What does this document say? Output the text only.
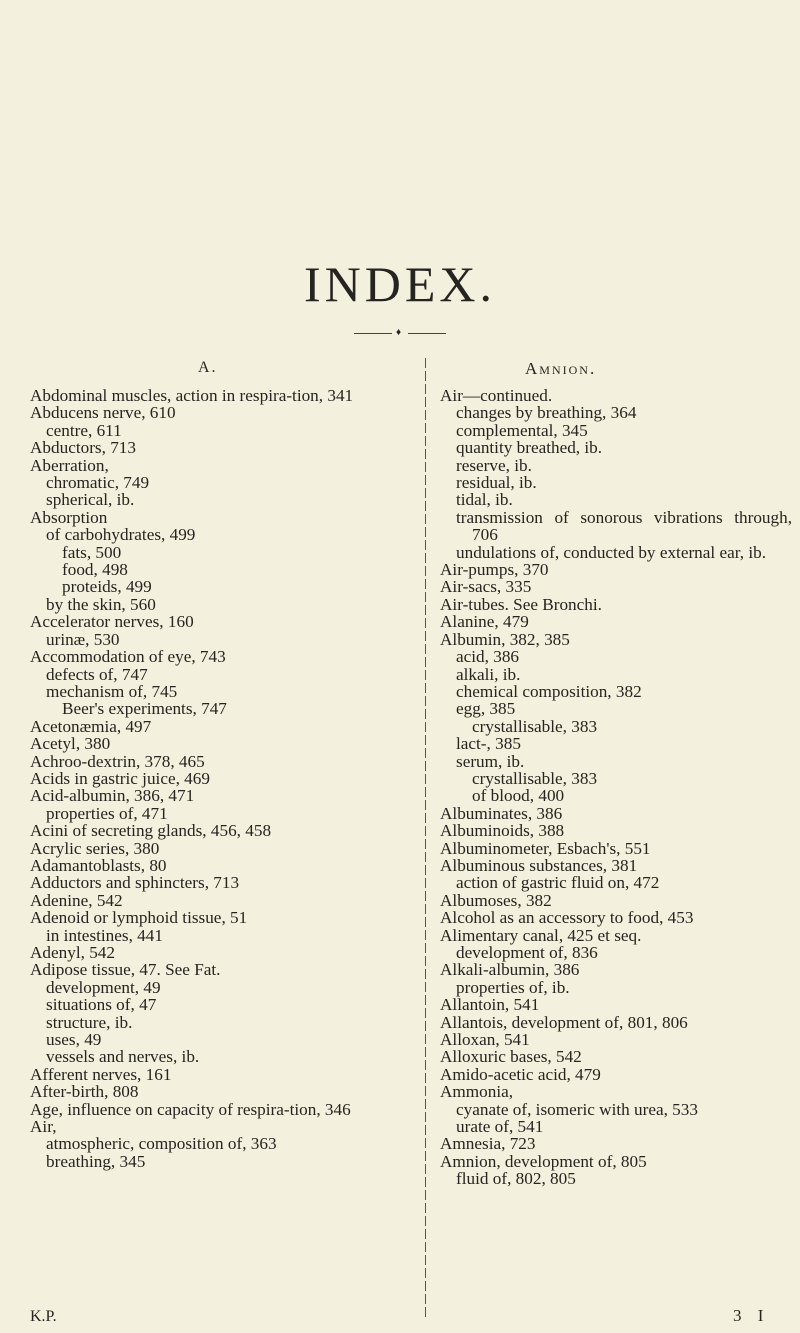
INDEX.
♦
A.	Amnion.
Abdominal muscles, action in respira-tion, 341
Abducens nerve, 610
centre, 611
Abductors, 713
Aberration,
chromatic, 749
spherical, ib.
Absorption
of carbohydrates, 499
fats, 500
food, 498
proteids, 499
by the skin, 560
Accelerator nerves, 160
urinæ, 530
Accommodation of eye, 743
defects of, 747
mechanism of, 745
Beer's experiments, 747
Acetonæmia, 497
Acetyl, 380
Achroo-dextrin, 378, 465
Acids in gastric juice, 469
Acid-albumin, 386, 471
properties of, 471
Acini of secreting glands, 456, 458
Acrylic series, 380
Adamantoblasts, 80
Adductors and sphincters, 713
Adenine, 542
Adenoid or lymphoid tissue, 51
in intestines, 441
Adenyl, 542
Adipose tissue, 47. See Fat.
development, 49
situations of, 47
structure, ib.
uses, 49
vessels and nerves, ib.
Afferent nerves, 161
After-birth, 808
Age, influence on capacity of respira-tion, 346
Air,
atmospheric, composition of, 363
breathing, 345
Air—continued.
changes by breathing, 364
complemental, 345
quantity breathed, ib.
reserve, ib.
residual, ib.
tidal, ib.
transmission of sonorous vibrations through, 706
undulations of, conducted by external ear, ib.
Air-pumps, 370
Air-sacs, 335
Air-tubes. See Bronchi.
Alanine, 479
Albumin, 382, 385
acid, 386
alkali, ib.
chemical composition, 382
egg, 385
crystallisable, 383
lact-, 385
serum, ib.
crystallisable, 383
of blood, 400
Albuminates, 386
Albuminoids, 388
Albuminometer, Esbach's, 551
Albuminous substances, 381
action of gastric fluid on, 472
Albumoses, 382
Alcohol as an accessory to food, 453
Alimentary canal, 425 et seq.
development of, 836
Alkali-albumin, 386
properties of, ib.
Allantoin, 541
Allantois, development of, 801, 806
Alloxan, 541
Alloxuric bases, 542
Amido-acetic acid, 479
Ammonia,
cyanate of, isomeric with urea, 533
urate of, 541
Amnesia, 723
Amnion, development of, 805
fluid of, 802, 805
K.P.	3 I
